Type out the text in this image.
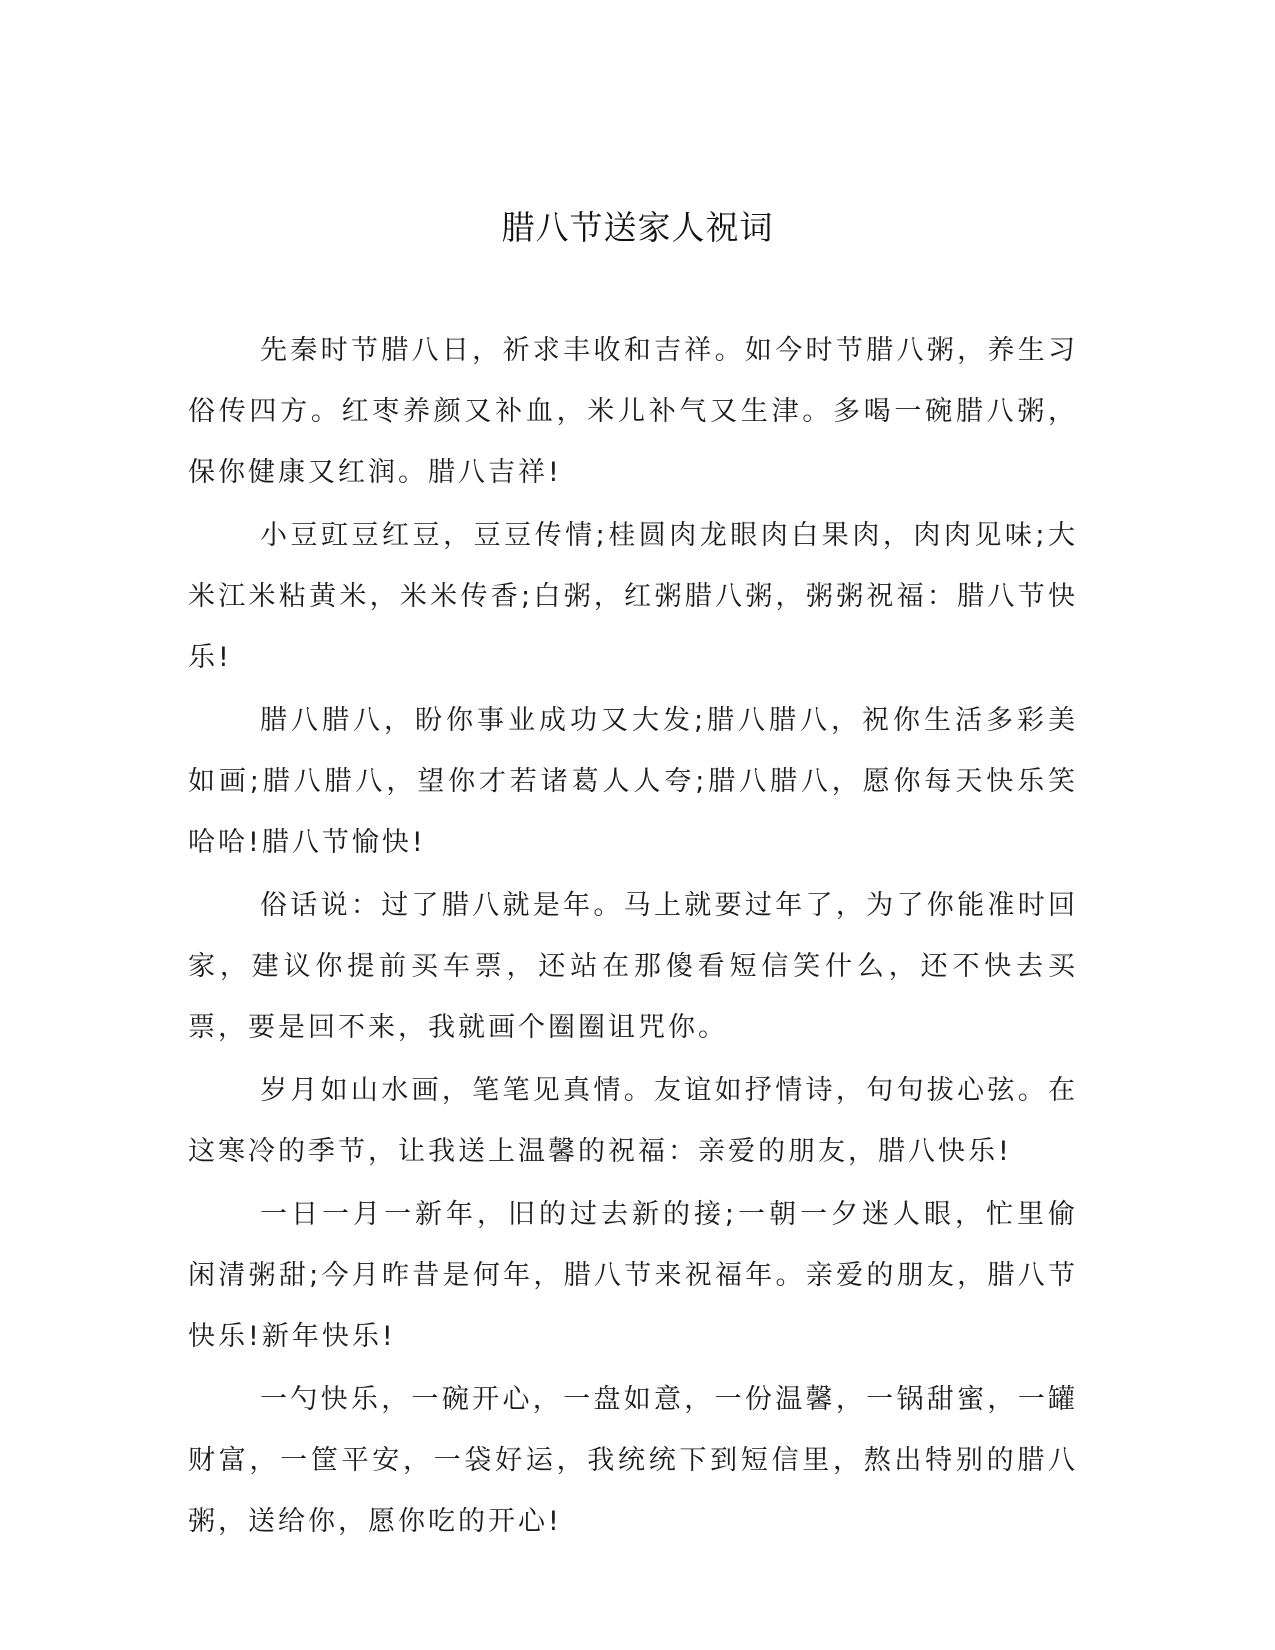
腊八节送家人祝词

先秦时节腊八日，祈求丰收和吉祥。如今时节腊八粥，养生习俗传四方。红枣养颜又补血，米儿补气又生津。多喝一碗腊八粥，保你健康又红润。腊八吉祥!

小豆豇豆红豆，豆豆传情;桂圆肉龙眼肉白果肉，肉肉见味;大米江米粘黄米，米米传香;白粥，红粥腊八粥，粥粥祝福：腊八节快乐!

腊八腊八，盼你事业成功又大发;腊八腊八，祝你生活多彩美如画;腊八腊八，望你才若诸葛人人夸;腊八腊八，愿你每天快乐笑哈哈!腊八节愉快!

俗话说：过了腊八就是年。马上就要过年了，为了你能准时回家，建议你提前买车票，还站在那傻看短信笑什么，还不快去买票，要是回不来，我就画个圈圈诅咒你。

岁月如山水画，笔笔见真情。友谊如抒情诗，句句拔心弦。在这寒冷的季节，让我送上温馨的祝福：亲爱的朋友，腊八快乐!

一日一月一新年，旧的过去新的接;一朝一夕迷人眼，忙里偷闲清粥甜;今月昨昔是何年，腊八节来祝福年。亲爱的朋友，腊八节快乐!新年快乐!

一勺快乐，一碗开心，一盘如意，一份温馨，一锅甜蜜，一罐财富，一筐平安，一袋好运，我统统下到短信里，熬出特别的腊八粥，送给你，愿你吃的开心!
